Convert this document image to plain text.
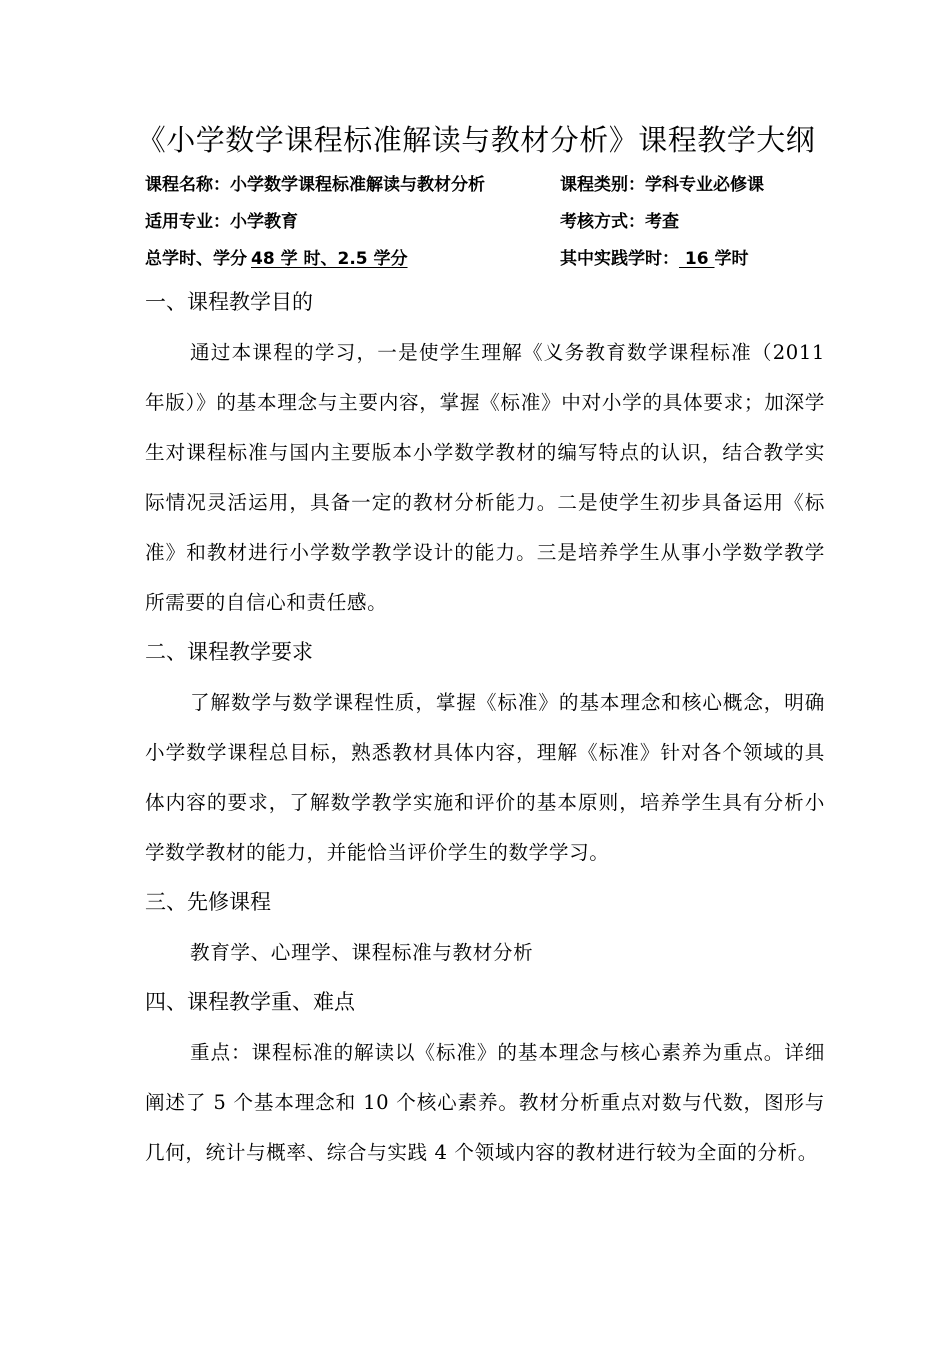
《小学数学课程标准解读与教材分析》课程教学大纲
课程名称：小学数学课程标准解读与教材分析	课程类别：学科专业必修课
适用专业：小学教育	考核方式：考查
总学时、学分 48 学 时、2.5 学分	其中实践学时： 16 学时
一、课程教学目的

通过本课程的学习，一是使学生理解《义务教育数学课程标准（2011 年版）》的基本理念与主要内容，掌握《标准》中对小学的具体要求；加深学生对课程标准与国内主要版本小学数学教材的编写特点的认识，结合教学实际情况灵活运用，具备一定的教材分析能力。二是使学生初步具备运用《标准》和教材进行小学数学教学设计的能力。三是培养学生从事小学数学教学所需要的自信心和责任感。

二、课程教学要求

了解数学与数学课程性质，掌握《标准》的基本理念和核心概念，明确小学数学课程总目标，熟悉教材具体内容，理解《标准》针对各个领域的具体内容的要求，了解数学教学实施和评价的基本原则，培养学生具有分析小学数学教材的能力，并能恰当评价学生的数学学习。

三、先修课程

教育学、心理学、课程标准与教材分析

四、课程教学重、难点

重点：课程标准的解读以《标准》的基本理念与核心素养为重点。详细阐述了 5 个基本理念和 10 个核心素养。教材分析重点对数与代数，图形与几何，统计与概率、综合与实践 4 个领域内容的教材进行较为全面的分析。
